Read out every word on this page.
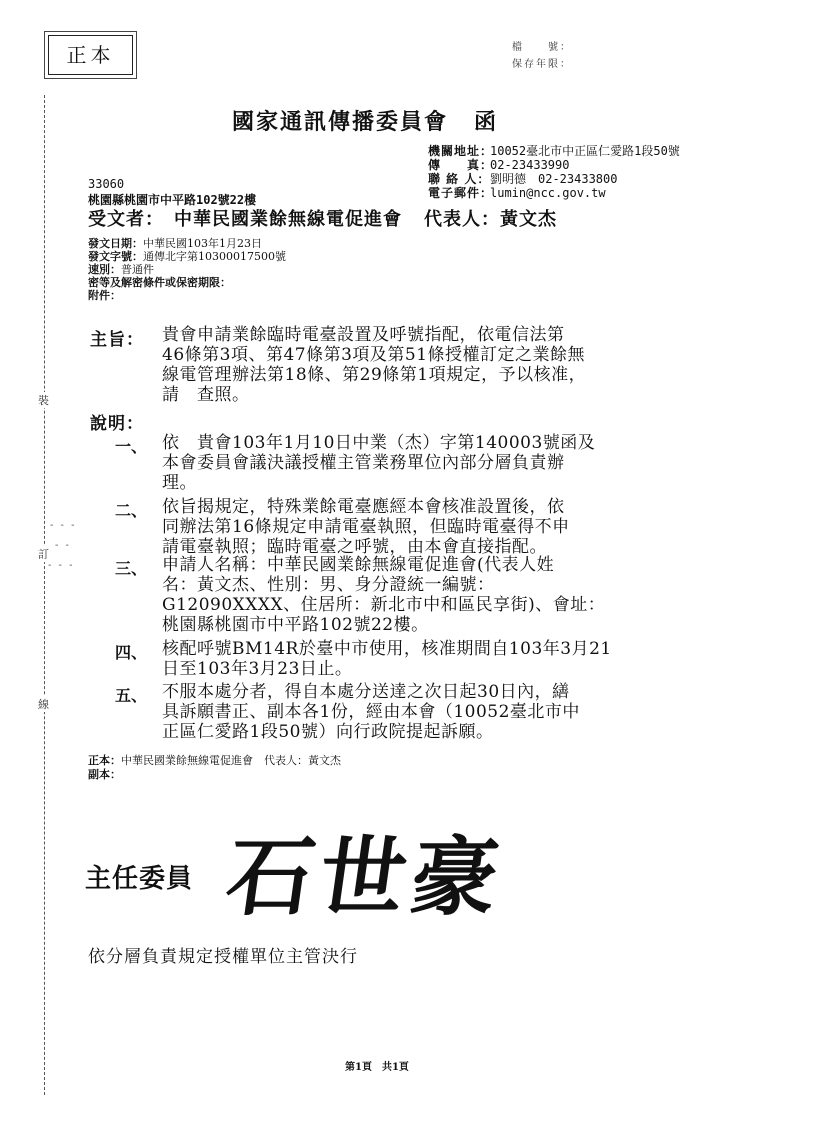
正本	檔　　號：
保存年限：
裝
訂
線
- - -
- -
- - -
國家通訊傳播委員會 函
機關地址：10052臺北市中正區仁愛路1段50號
傳　　真：02-23433990
聯 絡 人：劉明德　02-23433800
電子郵件：lumin@ncc.gov.tw
33060
桃園縣桃園市中平路102號22樓
受文者：　中華民國業餘無線電促進會 代表人：黃文杰
發文日期：中華民國103年1月23日
發文字號：通傳北字第10300017500號
速別：普通件
密等及解密條件或保密期限：
附件：
主旨： 貴會申請業餘臨時電臺設置及呼號指配，依電信法第
46條第3項、第47條第3項及第51條授權訂定之業餘無
線電管理辦法第18條、第29條第1項規定，予以核准，
請　查照。
說明：
一、 依　貴會103年1月10日中業（杰）字第140003號函及
本會委員會議決議授權主管業務單位內部分層負責辦
理。
二、 依旨揭規定，特殊業餘電臺應經本會核准設置後，依
同辦法第16條規定申請電臺執照，但臨時電臺得不申
請電臺執照；臨時電臺之呼號，由本會直接指配。
三、 申請人名稱：中華民國業餘無線電促進會(代表人姓
名：黃文杰、性別：男、身分證統一編號：
G12090XXXX、住居所：新北市中和區民享街)、會址：
桃園縣桃園市中平路102號22樓。
四、 核配呼號BM14R於臺中市使用，核准期間自103年3月21
日至103年3月23日止。
五、 不服本處分者，得自本處分送達之次日起30日內，繕
具訴願書正、副本各1份，經由本會（10052臺北市中
正區仁愛路1段50號）向行政院提起訴願。
正本：中華民國業餘無線電促進會　代表人：黃文杰
副本：
主任委員 石世豪
依分層負責規定授權單位主管決行
第1頁　共1頁
